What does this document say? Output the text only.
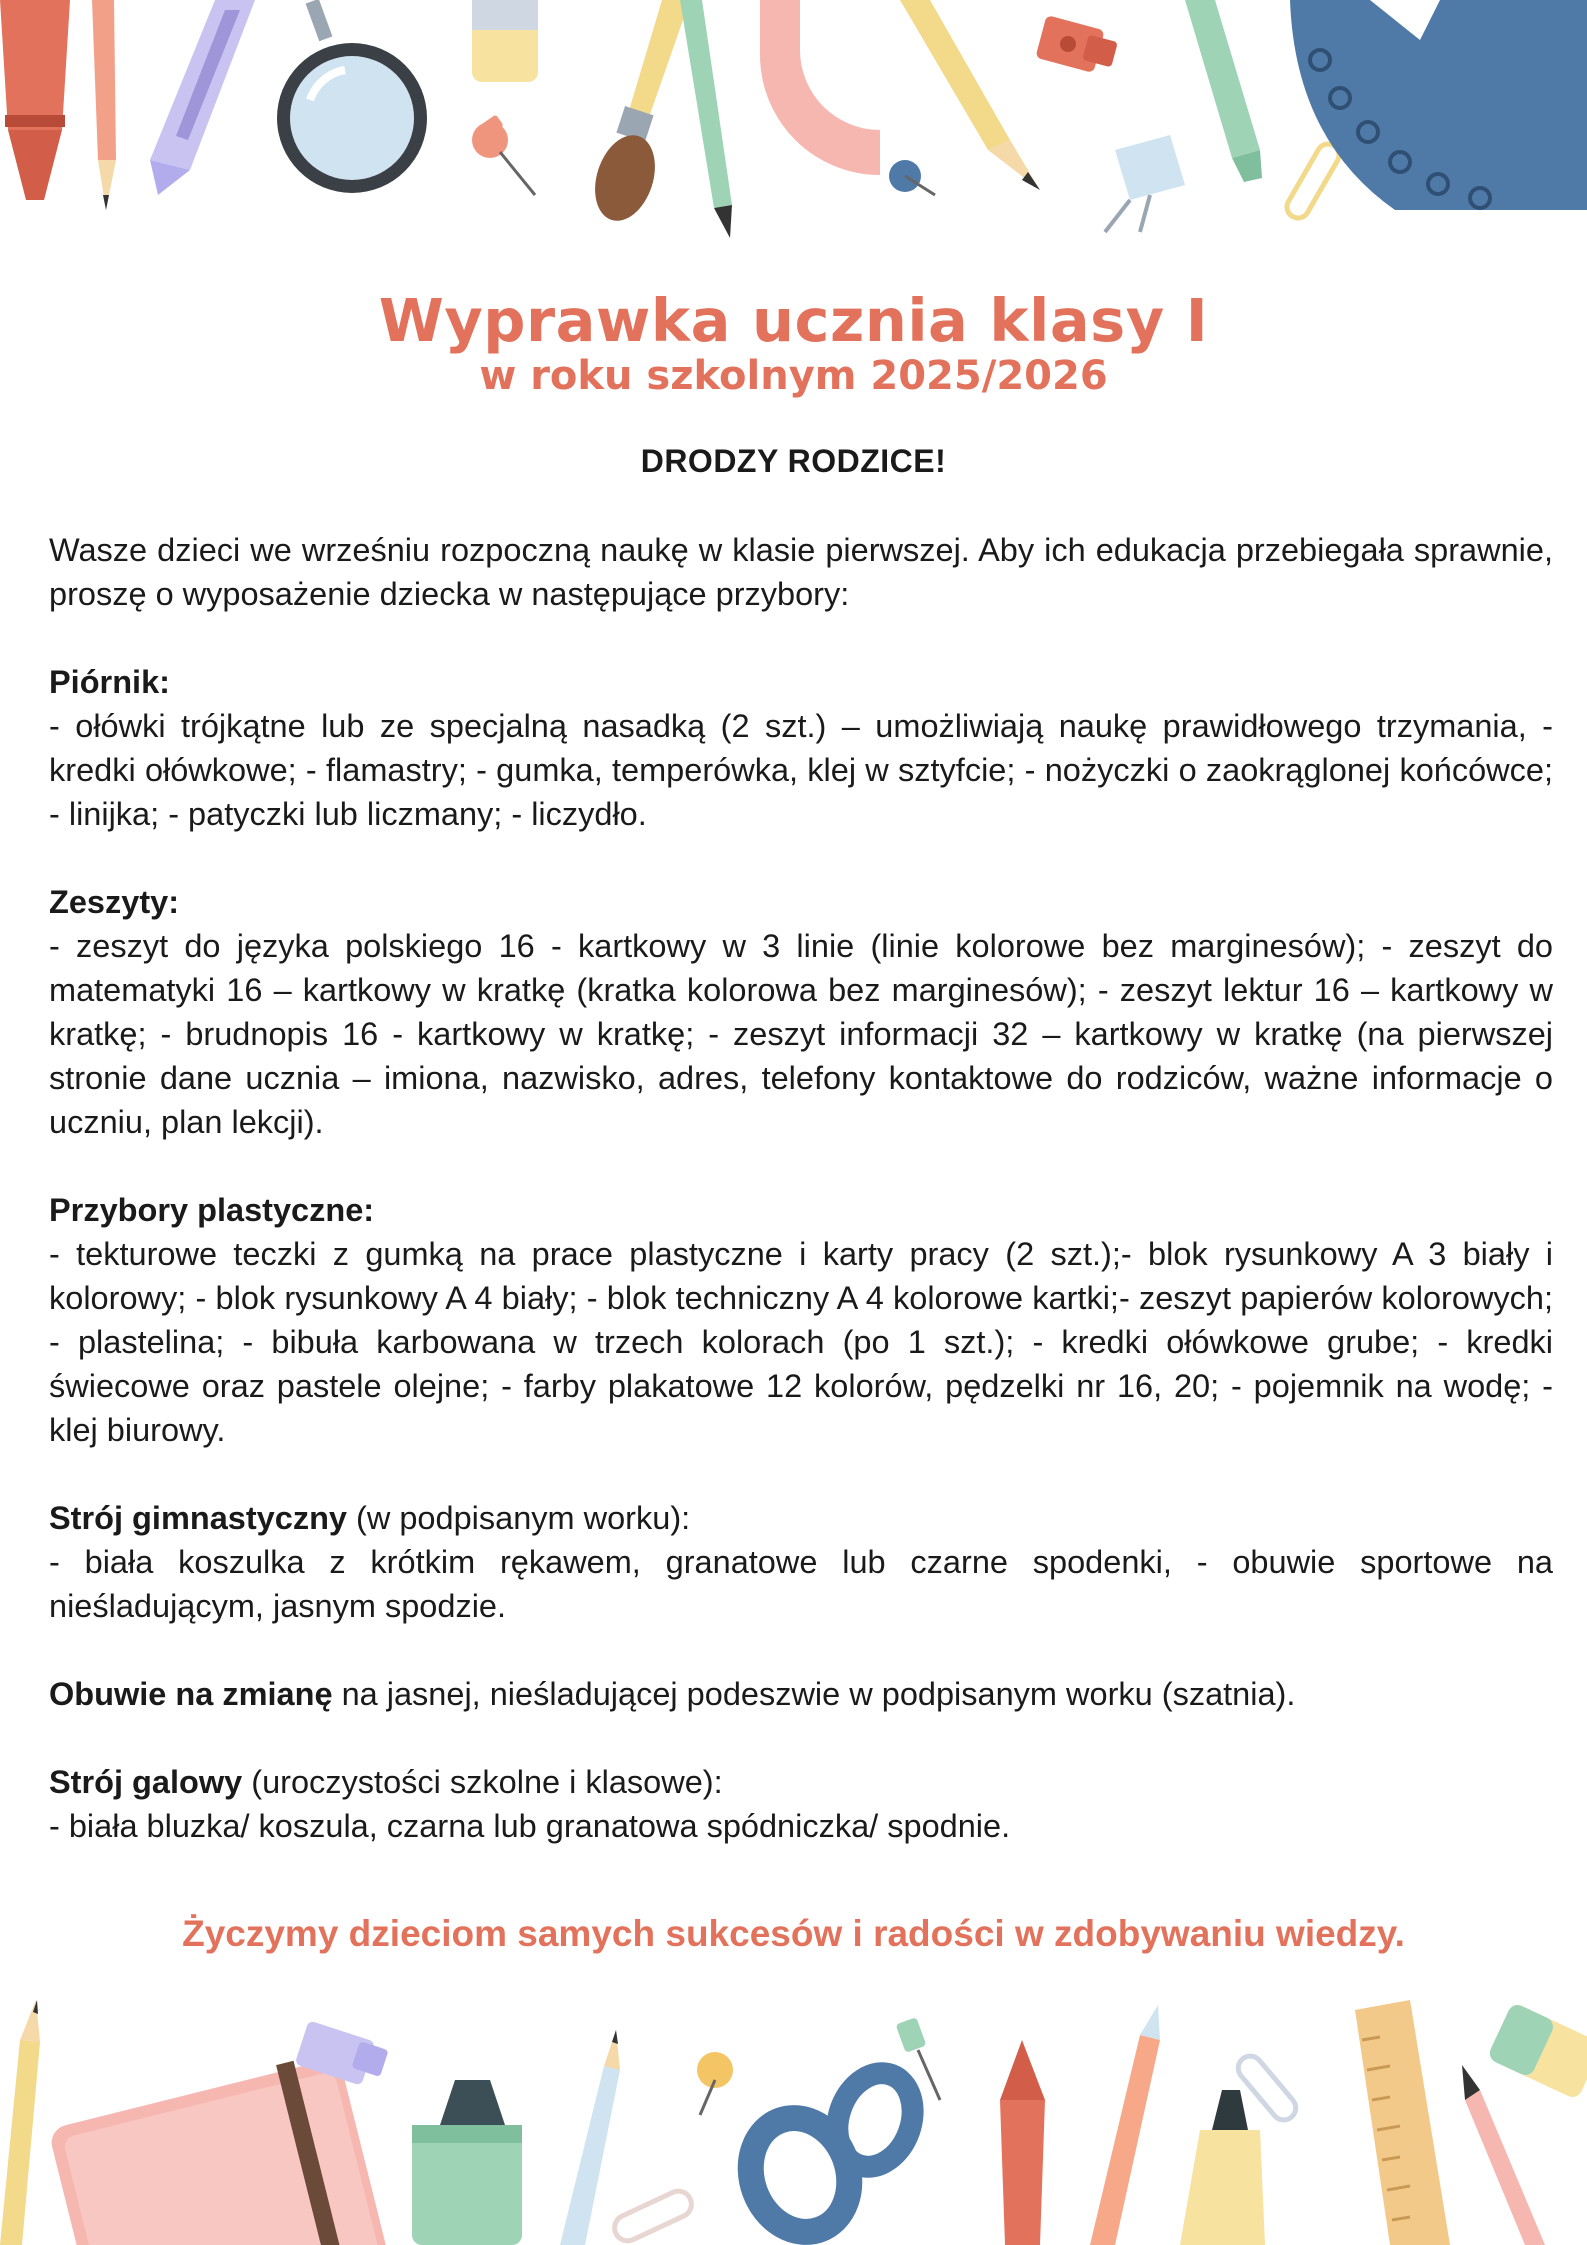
Wyprawka ucznia klasy I
w roku szkolnym 2025/2026
DRODZY RODZICE!

Wasze dzieci we wrześniu rozpoczną naukę w klasie pierwszej. Aby ich edukacja przebiegała sprawnie, proszę o wyposażenie dziecka w następujące przybory:

Piórnik:
- ołówki trójkątne lub ze specjalną nasadką (2 szt.) – umożliwiają naukę prawidłowego trzymania, - kredki ołówkowe; - flamastry; - gumka, temperówka, klej w sztyfcie; - nożyczki o zaokrąglonej końcówce; - linijka; - patyczki lub liczmany; - liczydło.

Zeszyty:
- zeszyt do języka polskiego 16 - kartkowy w 3 linie (linie kolorowe bez marginesów); - zeszyt do matematyki 16 – kartkowy w kratkę (kratka kolorowa bez marginesów); - zeszyt lektur 16 – kartkowy w kratkę; - brudnopis 16 - kartkowy w kratkę; - zeszyt informacji 32 – kartkowy w kratkę (na pierwszej stronie dane ucznia – imiona, nazwisko, adres, telefony kontaktowe do rodziców, ważne informacje o uczniu, plan lekcji).

Przybory plastyczne:
- tekturowe teczki z gumką na prace plastyczne i karty pracy (2 szt.);- blok rysunkowy A 3 biały i kolorowy; - blok rysunkowy A 4 biały; - blok techniczny A 4 kolorowe kartki;- zeszyt papierów kolorowych; - plastelina; - bibuła karbowana w trzech kolorach (po 1 szt.); - kredki ołówkowe grube; - kredki świecowe oraz pastele olejne; - farby plakatowe 12 kolorów, pędzelki nr 16, 20; - pojemnik na wodę; - klej biurowy.

Strój gimnastyczny (w podpisanym worku):
- biała koszulka z krótkim rękawem, granatowe lub czarne spodenki, - obuwie sportowe na nieśladującym, jasnym spodzie.

Obuwie na zmianę na jasnej, nieśladującej podeszwie w podpisanym worku (szatnia).

Strój galowy (uroczystości szkolne i klasowe):
- biała bluzka/ koszula, czarna lub granatowa spódniczka/ spodnie.

Życzymy dzieciom samych sukcesów i radości w zdobywaniu wiedzy.
